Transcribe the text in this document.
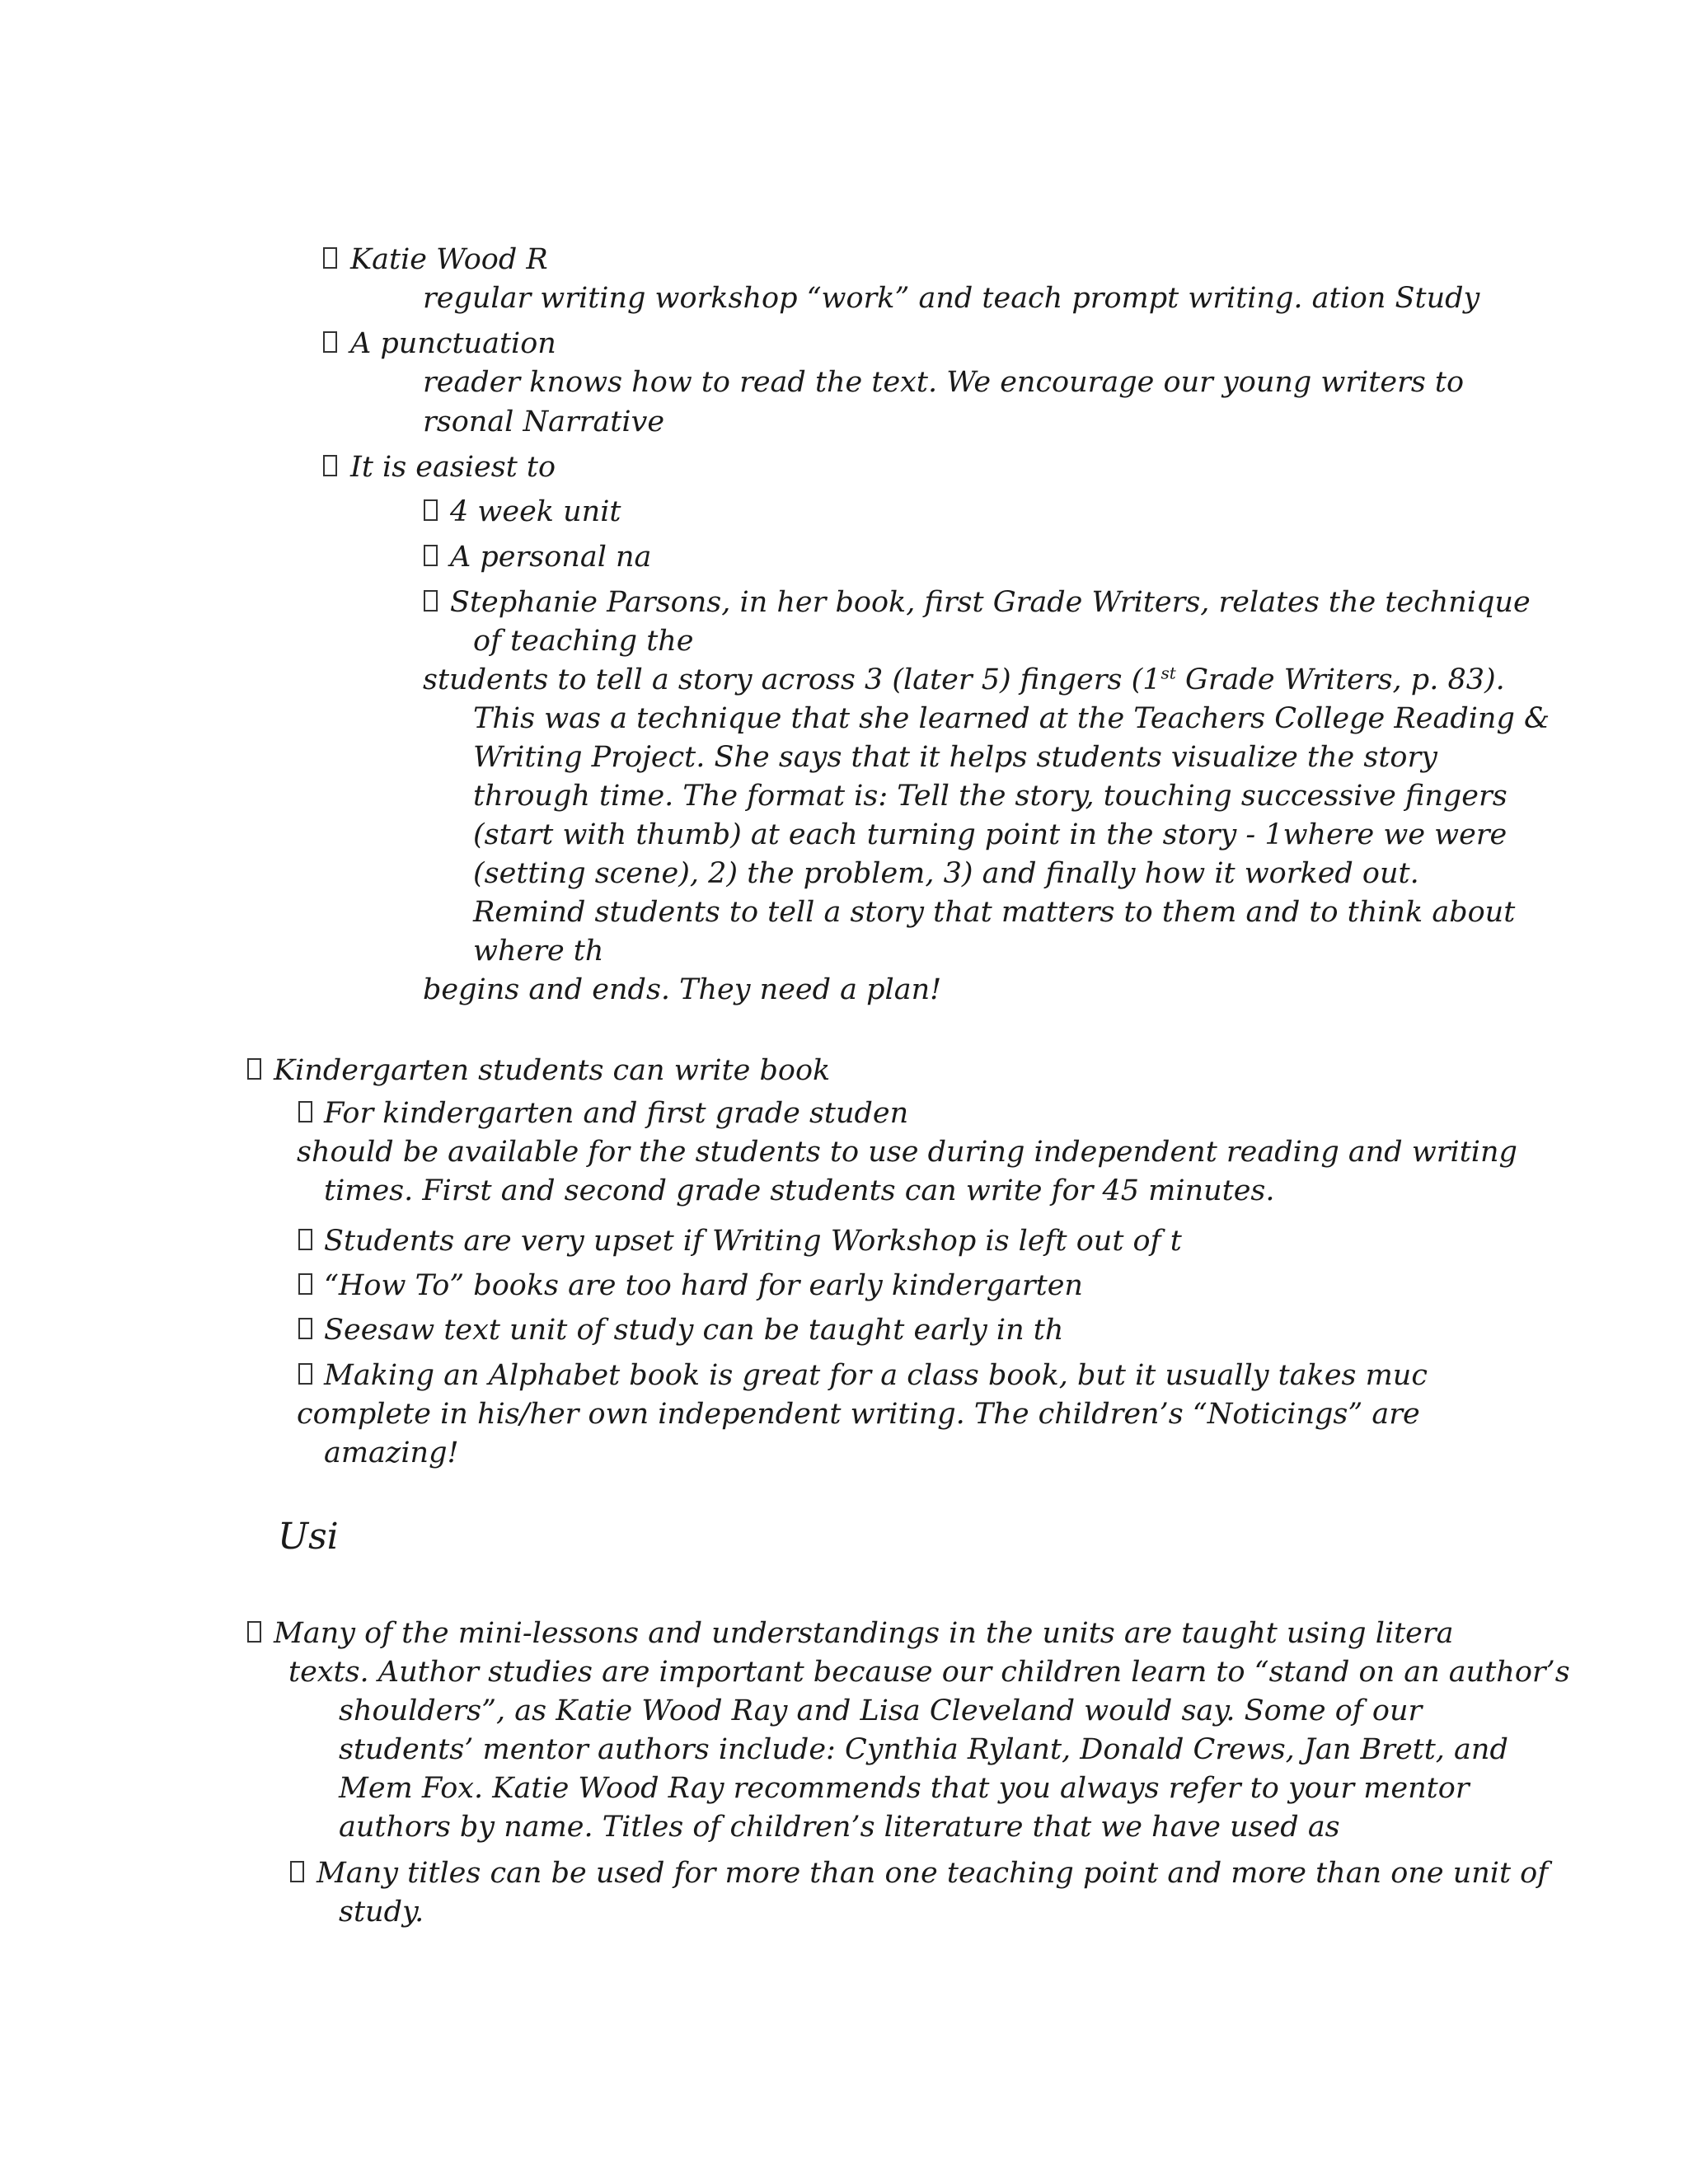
Katie Wood R
regular writing workshop “work” and teach prompt writing. ation Study
A punctuation
reader knows how to read the text. We encourage our young writers to
rsonal Narrative
It is easiest to
4 week unit
A personal na
Stephanie Parsons, in her book, first Grade Writers, relates the technique
of teaching the
students to tell a story across 3 (later 5) fingers (1st Grade Writers, p. 83).
This was a technique that she learned at the Teachers College Reading &
Writing Project. She says that it helps students visualize the story
through time. The format is: Tell the story, touching successive fingers
(start with thumb) at each turning point in the story - 1where we were
(setting scene), 2) the problem, 3) and finally how it worked out.
Remind students to tell a story that matters to them and to think about
where th
begins and ends. They need a plan!
Kindergarten students can write book
For kindergarten and first grade studen
should be available for the students to use during independent reading and writing
times. First and second grade students can write for 45 minutes.
Students are very upset if Writing Workshop is left out of t
“How To” books are too hard for early kindergarten
Seesaw text unit of study can be taught early in th
Making an Alphabet book is great for a class book, but it usually takes muc
complete in his/her own independent writing. The children’s “Noticings” are
amazing!
Usi
Many of the mini-lessons and understandings in the units are taught using litera
texts. Author studies are important because our children learn to “stand on an author’s
shoulders”, as Katie Wood Ray and Lisa Cleveland would say. Some of our
students’ mentor authors include: Cynthia Rylant, Donald Crews, Jan Brett, and
Mem Fox. Katie Wood Ray recommends that you always refer to your mentor
authors by name. Titles of children’s literature that we have used as
Many titles can be used for more than one teaching point and more than one unit of
study.
